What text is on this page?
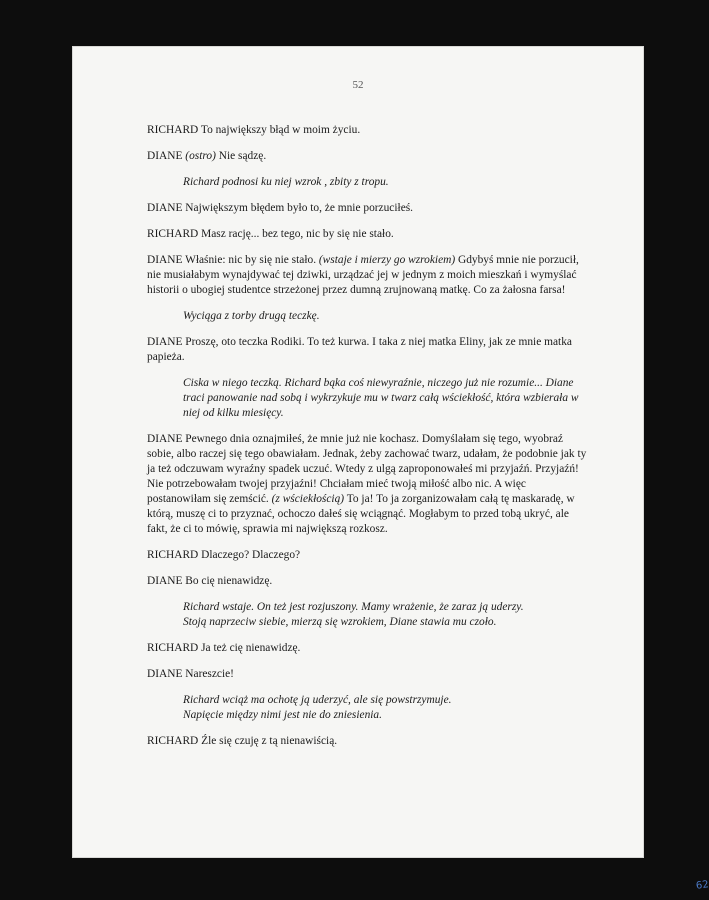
52
RICHARD To największy błąd w moim życiu.
DIANE (ostro) Nie sądzę.
Richard podnosi ku niej wzrok , zbity z tropu.
DIANE Największym błędem było to, że mnie porzuciłeś.
RICHARD Masz rację... bez tego, nic by się nie stało.
DIANE Właśnie: nic by się nie stało. (wstaje i mierzy go wzrokiem) Gdybyś mnie nie porzucił, nie musiałabym wynajdywać tej dziwki, urządzać jej w jednym z moich mieszkań i wymyślać historii o ubogiej studentce strzeżonej przez dumną zrujnowaną matkę. Co za żałosna farsa!
Wyciąga z torby drugą teczkę.
DIANE Proszę, oto teczka Rodiki. To też kurwa. I taka z niej matka Eliny, jak ze mnie matka papieża.
Ciska w niego teczką. Richard bąka coś niewyraźnie, niczego już nie rozumie... Diane traci panowanie nad sobą i wykrzykuje mu w twarz całą wściekłość, która wzbierała w niej od kilku miesięcy.
DIANE Pewnego dnia oznajmiłeś, że mnie już nie kochasz. Domyślałam się tego, wyobraź sobie, albo raczej się tego obawiałam. Jednak, żeby zachować twarz, udałam, że podobnie jak ty ja też odczuwam wyraźny spadek uczuć. Wtedy z ulgą zaproponowałeś mi przyjaźń. Przyjaźń! Nie potrzebowałam twojej przyjaźni! Chciałam mieć twoją miłość albo nic. A więc postanowiłam się zemścić. (z wściekłością) To ja! To ja zorganizowałam całą tę maskaradę, w którą, muszę ci to przyznać, ochoczo dałeś się wciągnąć. Mogłabym to przed tobą ukryć, ale fakt, że ci to mówię, sprawia mi największą rozkosz.
RICHARD Dlaczego? Dlaczego?
DIANE Bo cię nienawidzę.
Richard wstaje. On też jest rozjuszony. Mamy wrażenie, że zaraz ją uderzy.
Stoją naprzeciw siebie, mierzą się wzrokiem, Diane stawia mu czoło.
RICHARD Ja też cię nienawidzę.
DIANE Nareszcie!
Richard wciąż ma ochotę ją uderzyć, ale się powstrzymuje.
Napięcie między nimi jest nie do zniesienia.
RICHARD Źle się czuję z tą nienawiścią.
62
